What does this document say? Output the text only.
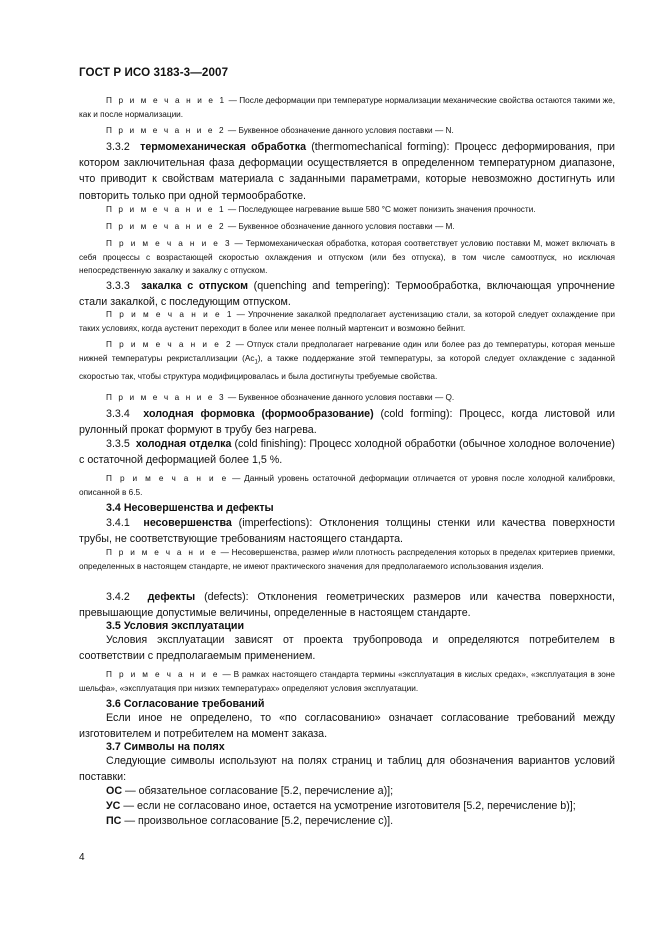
ГОСТ Р ИСО 3183-3—2007

П р и м е ч а н и е 1 — После деформации при температуре нормализации механические свойства остаются такими же, как и после нормализации.

П р и м е ч а н и е 2 — Буквенное обозначение данного условия поставки — N.

3.3.2 термомеханическая обработка (thermomechanical forming): Процесс деформирования, при котором заключительная фаза деформации осуществляется в определенном температурном диапазоне, что приводит к свойствам материала с заданными параметрами, которые невозможно достигнуть или повторить только при одной термообработке.

П р и м е ч а н и е 1 — Последующее нагревание выше 580 °С может понизить значения прочности.

П р и м е ч а н и е 2 — Буквенное обозначение данного условия поставки — М.

П р и м е ч а н и е 3 — Термомеханическая обработка, которая соответствует условию поставки М, может включать в себя процессы с возрастающей скоростью охлаждения и отпуском (или без отпуска), в том числе самоотпуск, но исключая непосредственную закалку и закалку с отпуском.

3.3.3 закалка с отпуском (quenching and tempering): Термообработка, включающая упрочнение стали закалкой, с последующим отпуском.

П р и м е ч а н и е 1 — Упрочнение закалкой предполагает аустенизацию стали, за которой следует охлаждение при таких условиях, когда аустенит переходит в более или менее полный мартенсит и возможно бейнит.

П р и м е ч а н и е 2 — Отпуск стали предполагает нагревание один или более раз до температуры, которая меньше нижней температуры рекристаллизации $(Ac_1)$, а также поддержание этой температуры, за которой следует охлаждение с заданной скоростью так, чтобы структура модифицировалась и была достигнуты требуемые свойства.

П р и м е ч а н и е 3 — Буквенное обозначение данного условия поставки — Q.

3.3.4 холодная формовка (формообразование) (cold forming): Процесс, когда листовой или рулонный прокат формуют в трубу без нагрева.

3.3.5 холодная отделка (cold finishing): Процесс холодной обработки (обычное холодное волочение) с остаточной деформацией более 1,5 %.

П р и м е ч а н и е — Данный уровень остаточной деформации отличается от уровня после холодной калибровки, описанной в 6.5.

3.4 Несовершенства и дефекты

3.4.1 несовершенства (imperfections): Отклонения толщины стенки или качества поверхности трубы, не соответствующие требованиям настоящего стандарта.

П р и м е ч а н и е — Несовершенства, размер и/или плотность распределения которых в пределах критериев приемки, определенных в настоящем стандарте, не имеют практического значения для предполагаемого использования изделия.

3.4.2 дефекты (defects): Отклонения геометрических размеров или качества поверхности, превышающие допустимые величины, определенные в настоящем стандарте.

3.5 Условия эксплуатации

Условия эксплуатации зависят от проекта трубопровода и определяются потребителем в соответствии с предполагаемым применением.

П р и м е ч а н и е — В рамках настоящего стандарта термины «эксплуатация в кислых средах», «эксплуатация в зоне шельфа», «эксплуатация при низких температурах» определяют условия эксплуатации.

3.6 Согласование требований

Если иное не определено, то «по согласованию» означает согласование требований между изготовителем и потребителем на момент заказа.

3.7 Символы на полях

Следующие символы используют на полях страниц и таблиц для обозначения вариантов условий поставки:

ОС — обязательное согласование [5.2, перечисление a)];

УС — если не согласовано иное, остается на усмотрение изготовителя [5.2, перечисление b)];

ПС — произвольное согласование [5.2, перечисление c)].

4
